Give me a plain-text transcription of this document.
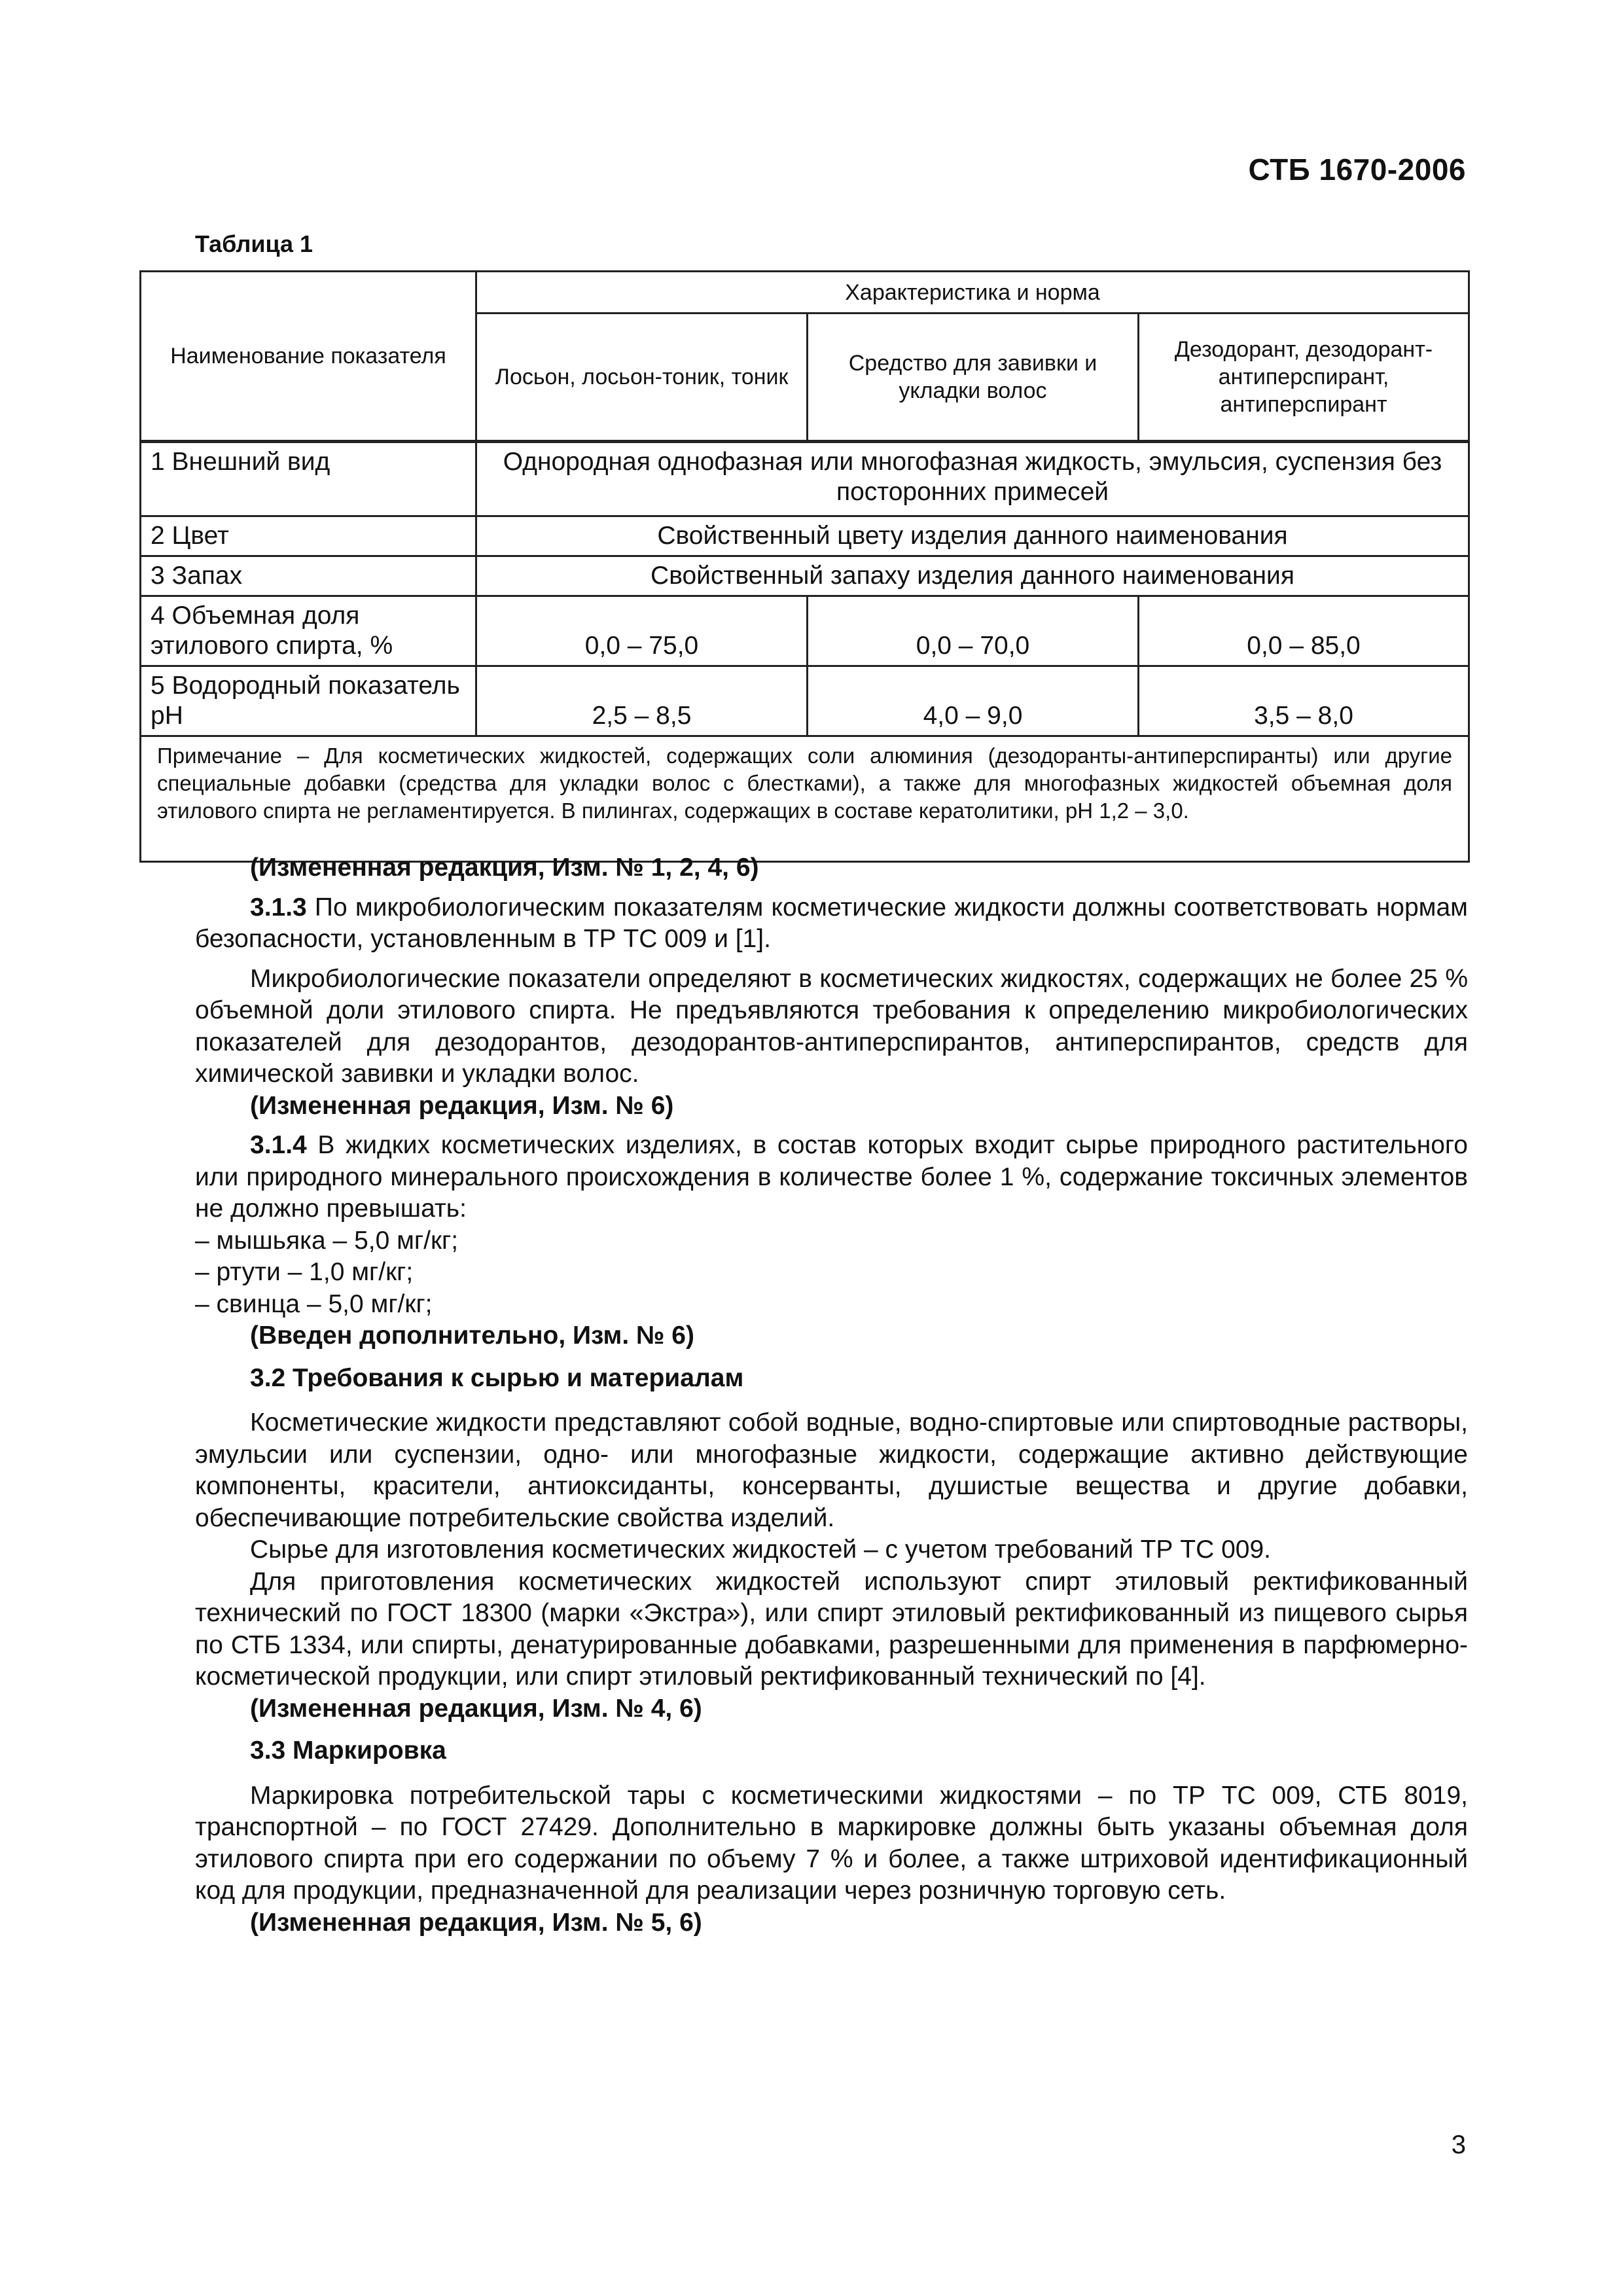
СТБ 1670-2006
Таблица 1
Наименование показателя	Характеристика и норма		
	Лосьон, лосьон-тоник, тоник	Средство для завивки и укладки волос	Дезодорант, дезодорант-антиперспирант, антиперспирант
1 Внешний вид	Однородная однофазная или многофазная жидкость, эмульсия, суспензия без посторонних примесей		
2 Цвет	Свойственный цвету изделия данного наименования		
3 Запах	Свойственный запаху изделия данного наименования		
4 Объемная доля этилового спирта, %	0,0 – 75,0	0,0 – 70,0	0,0 – 85,0
5 Водородный показатель рН	2,5 – 8,5	4,0 – 9,0	3,5 – 8,0
Примечание – Для косметических жидкостей, содержащих соли алюминия (дезодоранты-антиперспиранты) или другие специальные добавки (средства для укладки волос с блестками), а также для многофазных жидкостей объемная доля этилового спирта не регламентируется. В пилингах, содержащих в составе кератолитики, рН 1,2 – 3,0.			

(Измененная редакция, Изм. № 1, 2, 4, 6)

3.1.3 По микробиологическим показателям косметические жидкости должны соответствовать нормам безопасности, установленным в ТР ТС 009 и [1].

Микробиологические показатели определяют в косметических жидкостях, содержащих не более 25 % объемной доли этилового спирта. Не предъявляются требования к определению микробиологических показателей для дезодорантов, дезодорантов-антиперспирантов, антиперспирантов, средств для химической завивки и укладки волос.

(Измененная редакция, Изм. № 6)

3.1.4 В жидких косметических изделиях, в состав которых входит сырье природного растительного или природного минерального происхождения в количестве более 1 %, содержание токсичных элементов не должно превышать:

– мышьяка – 5,0 мг/кг;

– ртути – 1,0 мг/кг;

– свинца – 5,0 мг/кг;

(Введен дополнительно, Изм. № 6)

3.2 Требования к сырью и материалам

Косметические жидкости представляют собой водные, водно-спиртовые или спиртоводные растворы, эмульсии или суспензии, одно- или многофазные жидкости, содержащие активно действующие компоненты, красители, антиоксиданты, консерванты, душистые вещества и другие добавки, обеспечивающие потребительские свойства изделий.

Сырье для изготовления косметических жидкостей – с учетом требований ТР ТС 009.

Для приготовления косметических жидкостей используют спирт этиловый ректификованный технический по ГОСТ 18300 (марки «Экстра»), или спирт этиловый ректификованный из пищевого сырья по СТБ 1334, или спирты, денатурированные добавками, разрешенными для применения в парфюмерно-косметической продукции, или спирт этиловый ректификованный технический по [4].

(Измененная редакция, Изм. № 4, 6)

3.3 Маркировка

Маркировка потребительской тары с косметическими жидкостями – по ТР ТС 009, СТБ 8019, транспортной – по ГОСТ 27429. Дополнительно в маркировке должны быть указаны объемная доля этилового спирта при его содержании по объему 7 % и более, а также штриховой идентификационный код для продукции, предназначенной для реализации через розничную торговую сеть.

(Измененная редакция, Изм. № 5, 6)

3
